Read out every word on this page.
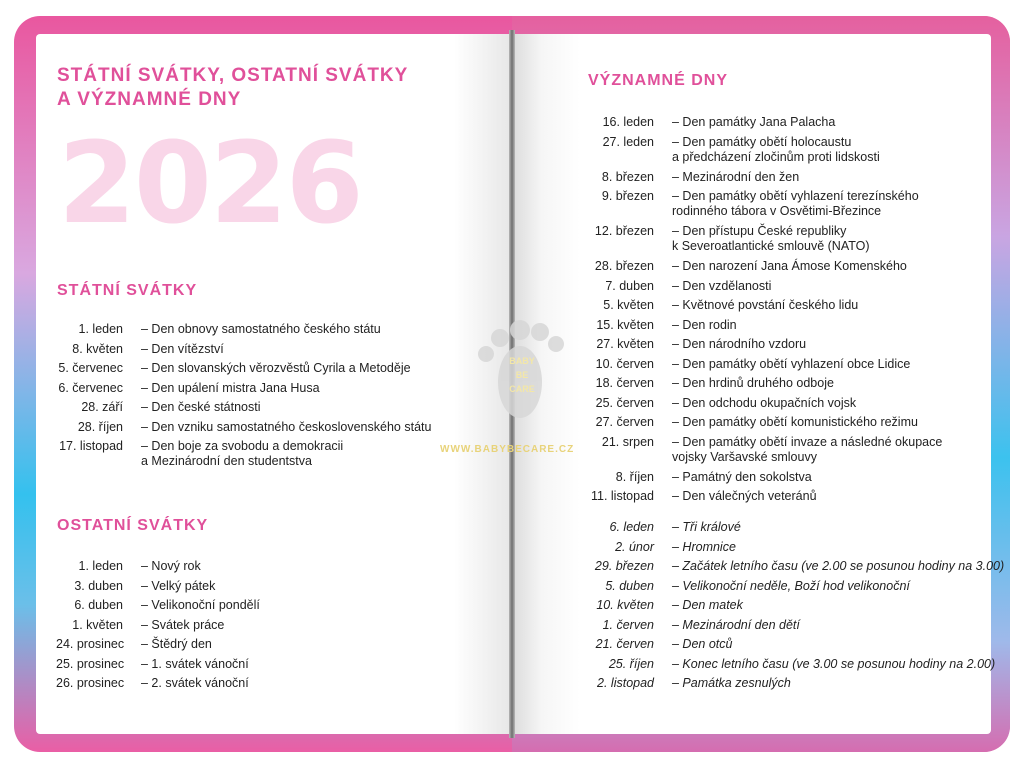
STÁTNÍ SVÁTKY, OSTATNÍ SVÁTKY
A VÝZNAMNÉ DNY
2026
STÁTNÍ SVÁTKY
1. leden	– Den obnovy samostatného českého státu
8. květen	– Den vítězství
5. červenec	– Den slovanských věrozvěstů Cyrila a Metoděje
6. červenec	– Den upálení mistra Jana Husa
28. září	– Den české státnosti
28. říjen	– Den vzniku samostatného československého státu
17. listopad	– Den boje za svobodu a demokracii
a Mezinárodní den studentstva
OSTATNÍ SVÁTKY
1. leden	– Nový rok
3. duben	– Velký pátek
6. duben	– Velikonoční pondělí
1. květen	– Svátek práce
24. prosinec	– Štědrý den
25. prosinec	– 1. svátek vánoční
26. prosinec	– 2. svátek vánoční
VÝZNAMNÉ DNY
16. leden	– Den památky Jana Palacha
27. leden	– Den památky obětí holocaustu
a předcházení zločinům proti lidskosti
8. březen	– Mezinárodní den žen
9. březen	– Den památky obětí vyhlazení terezínského
rodinného tábora v Osvětimi-Březince
12. březen	– Den přístupu České republiky
k Severoatlantické smlouvě (NATO)
28. březen	– Den narození Jana Ámose Komenského
7. duben	– Den vzdělanosti
5. květen	– Květnové povstání českého lidu
15. květen	– Den rodin
27. květen	– Den národního vzdoru
10. červen	– Den památky obětí vyhlazení obce Lidice
18. červen	– Den hrdinů druhého odboje
25. červen	– Den odchodu okupačních vojsk
27. červen	– Den památky obětí komunistického režimu
21. srpen	– Den památky obětí invaze a následné okupace
vojsky Varšavské smlouvy
8. říjen	– Památný den sokolstva
11. listopad	– Den válečných veteránů
6. leden	– Tři králové
2. únor	– Hromnice
29. březen	– Začátek letního času (ve 2.00 se posunou hodiny na 3.00)
5. duben	– Velikonoční neděle, Boží hod velikonoční
10. květen	– Den matek
1. červen	– Mezinárodní den dětí
21. červen	– Den otců
25. říjen	– Konec letního času (ve 3.00 se posunou hodiny na 2.00)
2. listopad	– Památka zesnulých
BABY
BE
CARE
WWW.BABYBECARE.CZ
